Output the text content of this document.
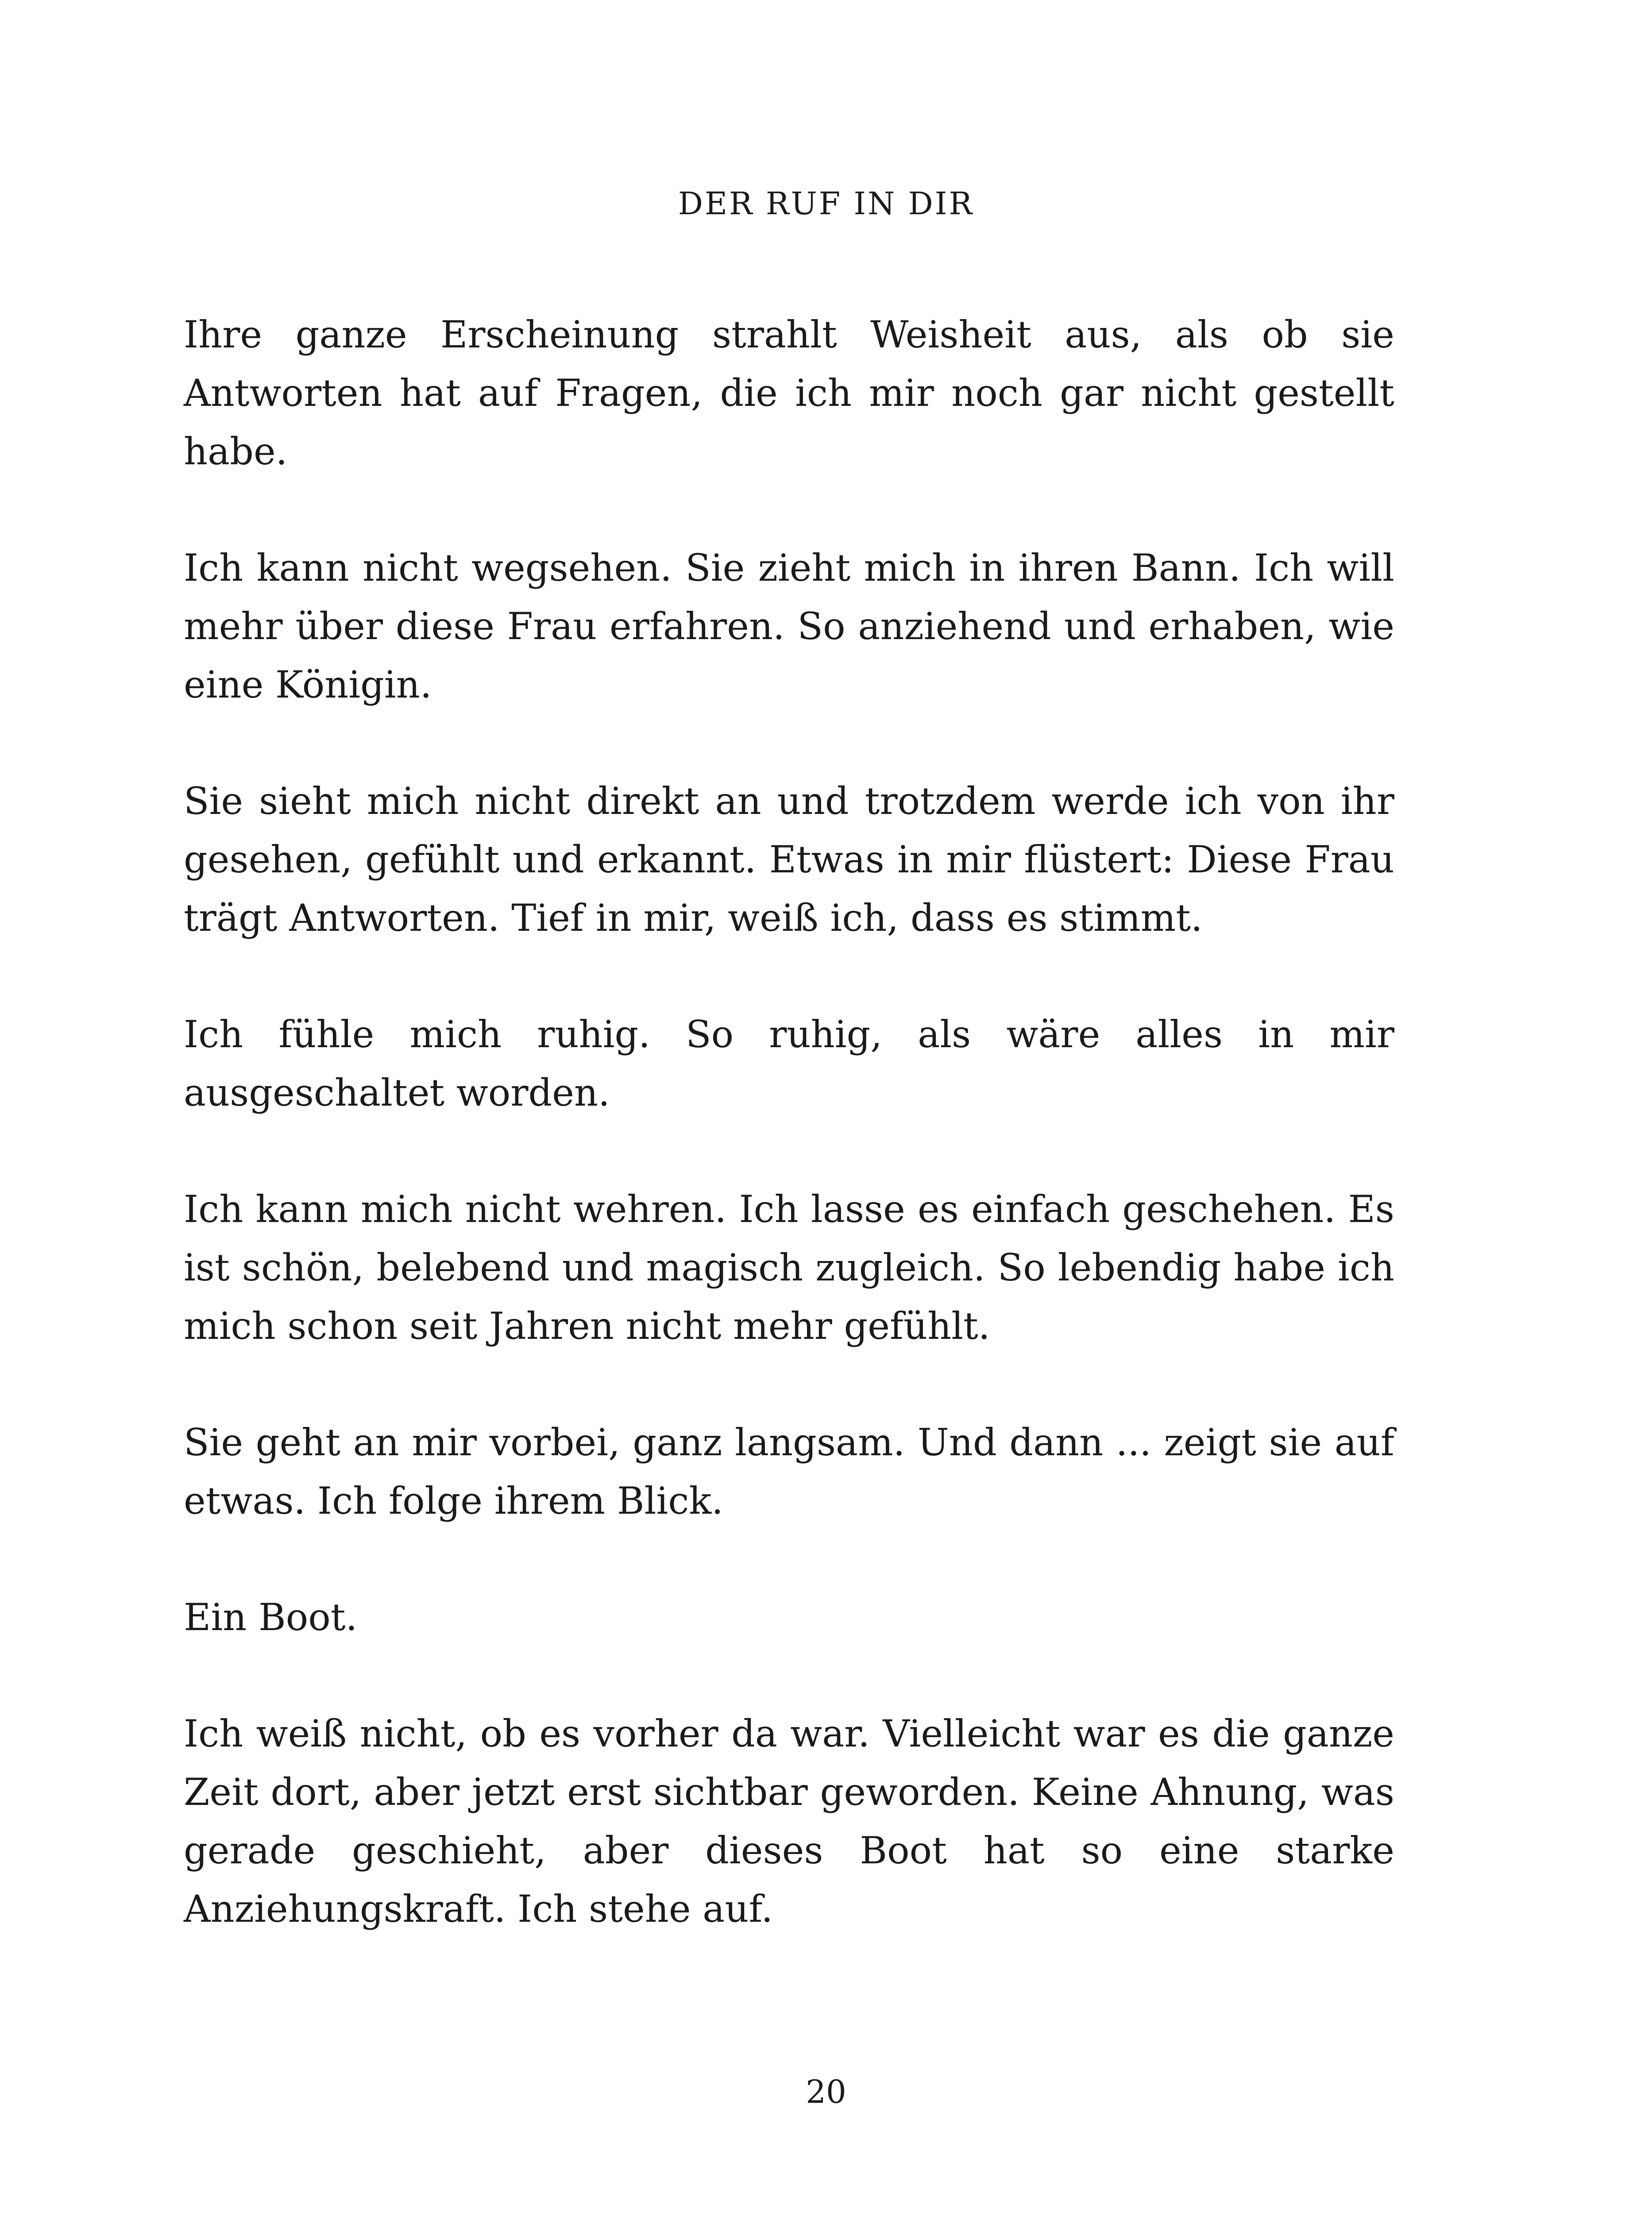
DER RUF IN DIR

Ihre ganze Erscheinung strahlt Weisheit aus, als ob sie Antworten hat auf Fragen, die ich mir noch gar nicht gestellt habe.

Ich kann nicht wegsehen. Sie zieht mich in ihren Bann. Ich will mehr über diese Frau erfahren. So anziehend und erhaben, wie eine Königin.

Sie sieht mich nicht direkt an und trotzdem werde ich von ihr gesehen, gefühlt und erkannt. Etwas in mir flüstert: Diese Frau trägt Antworten. Tief in mir, weiß ich, dass es stimmt.

Ich fühle mich ruhig. So ruhig, als wäre alles in mir ausgeschaltet worden.

Ich kann mich nicht wehren. Ich lasse es einfach geschehen. Es ist schön, belebend und magisch zugleich. So lebendig habe ich mich schon seit Jahren nicht mehr gefühlt.

Sie geht an mir vorbei, ganz langsam. Und dann ... zeigt sie auf etwas. Ich folge ihrem Blick.

Ein Boot.

Ich weiß nicht, ob es vorher da war. Vielleicht war es die ganze Zeit dort, aber jetzt erst sichtbar geworden. Keine Ahnung, was gerade geschieht, aber dieses Boot hat so eine starke Anziehungskraft. Ich stehe auf.

20
